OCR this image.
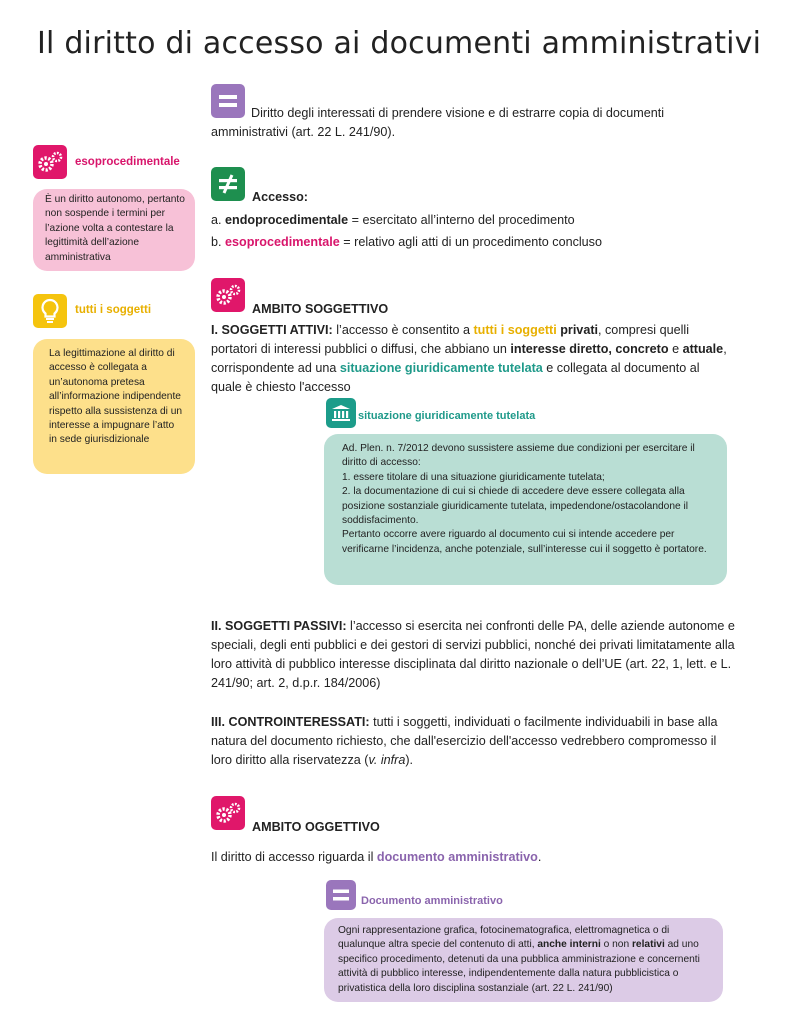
Il diritto di accesso ai documenti amministrativi
Diritto degli interessati di prendere visione e di estrarre copia di documenti amministrativi (art. 22 L. 241/90).
esoprocedimentale
È un diritto autonomo, pertanto non sospende i termini per l’azione volta a contestare la legittimità dell’azione amministrativa
Accesso:
a. endoprocedimentale = esercitato all’interno del procedimento
b. esoprocedimentale = relativo agli atti di un procedimento concluso
AMBITO SOGGETTIVO
I. SOGGETTI ATTIVI: l’accesso è consentito a tutti i soggetti privati, compresi quelli portatori di interessi pubblici o diffusi, che abbiano un interesse diretto, concreto e attuale, corrispondente ad una situazione giuridicamente tutelata e collegata al documento al quale è chiesto l'accesso
tutti i soggetti
La legittimazione al diritto di accesso è collegata a un’autonoma pretesa all’informazione indipendente rispetto alla sussistenza di un interesse a impugnare l’atto in sede giurisdizionale
situazione giuridicamente tutelata
Ad. Plen. n. 7/2012 devono sussistere assieme due condizioni per esercitare il diritto di accesso:
1. essere titolare di una situazione giuridicamente tutelata;
2. la documentazione di cui si chiede di accedere deve essere collegata alla posizione sostanziale giuridicamente tutelata, impedendone/ostacolandone il soddisfacimento.
Pertanto occorre avere riguardo al documento cui si intende accedere per verificarne l’incidenza, anche potenziale, sull’interesse cui il soggetto è portatore.
II. SOGGETTI PASSIVI: l’accesso si esercita nei confronti delle PA, delle aziende autonome e speciali, degli enti pubblici e dei gestori di servizi pubblici, nonché dei privati limitatamente alla loro attività di pubblico interesse disciplinata dal diritto nazionale o dell’UE (art. 22, 1, lett. e L. 241/90; art. 2, d.p.r. 184/2006)
III. CONTROINTERESSATI: tutti i soggetti, individuati o facilmente individuabili in base alla natura del documento richiesto, che dall'esercizio dell'accesso vedrebbero compromesso il loro diritto alla riservatezza (v. infra).
AMBITO OGGETTIVO
Il diritto di accesso riguarda il documento amministrativo.
Documento amministrativo
Ogni rappresentazione grafica, fotocinematografica, elettromagnetica o di qualunque altra specie del contenuto di atti, anche interni o non relativi ad uno specifico procedimento, detenuti da una pubblica amministrazione e concernenti attività di pubblico interesse, indipendentemente dalla natura pubblicistica o privatistica della loro disciplina sostanziale (art. 22 L. 241/90)
